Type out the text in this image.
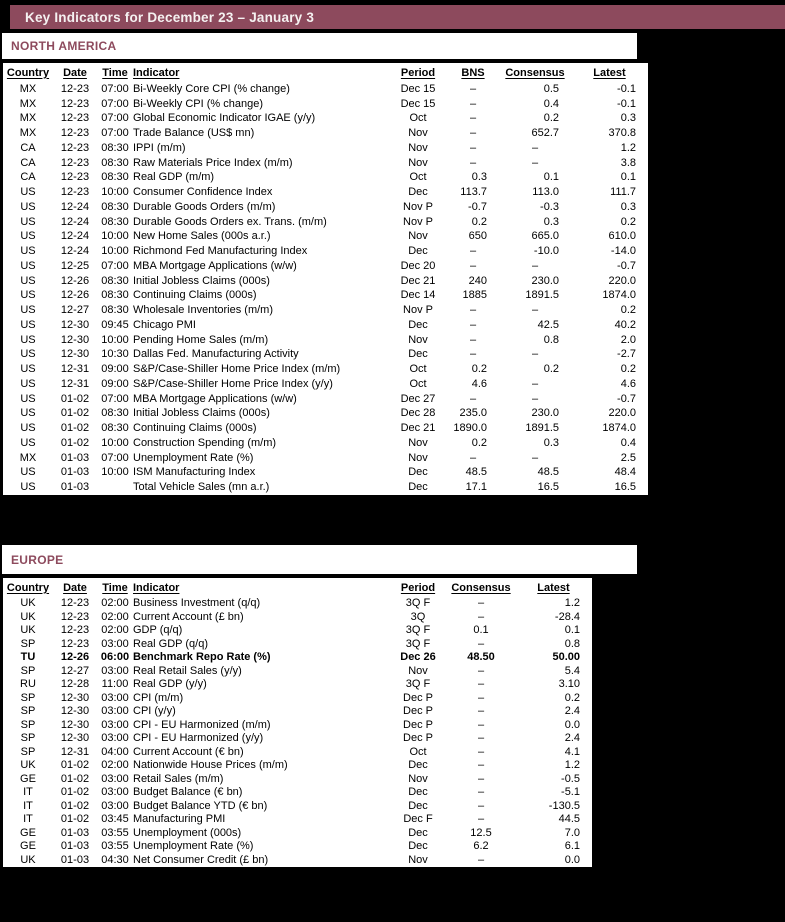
Key Indicators for December 23 – January 3
NORTH AMERICA
Country	Date	Time	Indicator	Period	BNS	Consensus	Latest
MX	12-23	07:00	Bi-Weekly Core CPI (% change)	Dec 15	–	0.5	-0.1
MX	12-23	07:00	Bi-Weekly CPI (% change)	Dec 15	–	0.4	-0.1
MX	12-23	07:00	Global Economic Indicator IGAE (y/y)	Oct	–	0.2	0.3
MX	12-23	07:00	Trade Balance (US$ mn)	Nov	–	652.7	370.8
CA	12-23	08:30	IPPI (m/m)	Nov	–	–	1.2
CA	12-23	08:30	Raw Materials Price Index (m/m)	Nov	–	–	3.8
CA	12-23	08:30	Real GDP (m/m)	Oct	0.3	0.1	0.1
US	12-23	10:00	Consumer Confidence Index	Dec	113.7	113.0	111.7
US	12-24	08:30	Durable Goods Orders (m/m)	Nov P	-0.7	-0.3	0.3
US	12-24	08:30	Durable Goods Orders ex. Trans. (m/m)	Nov P	0.2	0.3	0.2
US	12-24	10:00	New Home Sales (000s a.r.)	Nov	650	665.0	610.0
US	12-24	10:00	Richmond Fed Manufacturing Index	Dec	–	-10.0	-14.0
US	12-25	07:00	MBA Mortgage Applications (w/w)	Dec 20	–	–	-0.7
US	12-26	08:30	Initial Jobless Claims (000s)	Dec 21	240	230.0	220.0
US	12-26	08:30	Continuing Claims (000s)	Dec 14	1885	1891.5	1874.0
US	12-27	08:30	Wholesale Inventories (m/m)	Nov P	–	–	0.2
US	12-30	09:45	Chicago PMI	Dec	–	42.5	40.2
US	12-30	10:00	Pending Home Sales (m/m)	Nov	–	0.8	2.0
US	12-30	10:30	Dallas Fed. Manufacturing Activity	Dec	–	–	-2.7
US	12-31	09:00	S&P/Case-Shiller Home Price Index (m/m)	Oct	0.2	0.2	0.2
US	12-31	09:00	S&P/Case-Shiller Home Price Index (y/y)	Oct	4.6	–	4.6
US	01-02	07:00	MBA Mortgage Applications (w/w)	Dec 27	–	–	-0.7
US	01-02	08:30	Initial Jobless Claims (000s)	Dec 28	235.0	230.0	220.0
US	01-02	08:30	Continuing Claims (000s)	Dec 21	1890.0	1891.5	1874.0
US	01-02	10:00	Construction Spending (m/m)	Nov	0.2	0.3	0.4
MX	01-03	07:00	Unemployment Rate (%)	Nov	–	–	2.5
US	01-03	10:00	ISM Manufacturing Index	Dec	48.5	48.5	48.4
US	01-03		Total Vehicle Sales (mn a.r.)	Dec	17.1	16.5	16.5
EUROPE
Country	Date	Time	Indicator	Period	Consensus	Latest
UK	12-23	02:00	Business Investment (q/q)	3Q F	–	1.2
UK	12-23	02:00	Current Account (£ bn)	3Q	–	-28.4
UK	12-23	02:00	GDP (q/q)	3Q F	0.1	0.1
SP	12-23	03:00	Real GDP (q/q)	3Q F	–	0.8
TU	12-26	06:00	Benchmark Repo Rate (%)	Dec 26	48.50	50.00
SP	12-27	03:00	Real Retail Sales (y/y)	Nov	–	5.4
RU	12-28	11:00	Real GDP (y/y)	3Q F	–	3.10
SP	12-30	03:00	CPI (m/m)	Dec P	–	0.2
SP	12-30	03:00	CPI (y/y)	Dec P	–	2.4
SP	12-30	03:00	CPI - EU Harmonized (m/m)	Dec P	–	0.0
SP	12-30	03:00	CPI - EU Harmonized (y/y)	Dec P	–	2.4
SP	12-31	04:00	Current Account (€ bn)	Oct	–	4.1
UK	01-02	02:00	Nationwide House Prices (m/m)	Dec	–	1.2
GE	01-02	03:00	Retail Sales (m/m)	Nov	–	-0.5
IT	01-02	03:00	Budget Balance (€ bn)	Dec	–	-5.1
IT	01-02	03:00	Budget Balance YTD (€ bn)	Dec	–	-130.5
IT	01-02	03:45	Manufacturing PMI	Dec F	–	44.5
GE	01-03	03:55	Unemployment (000s)	Dec	12.5	7.0
GE	01-03	03:55	Unemployment Rate (%)	Dec	6.2	6.1
UK	01-03	04:30	Net Consumer Credit (£ bn)	Nov	–	0.0
